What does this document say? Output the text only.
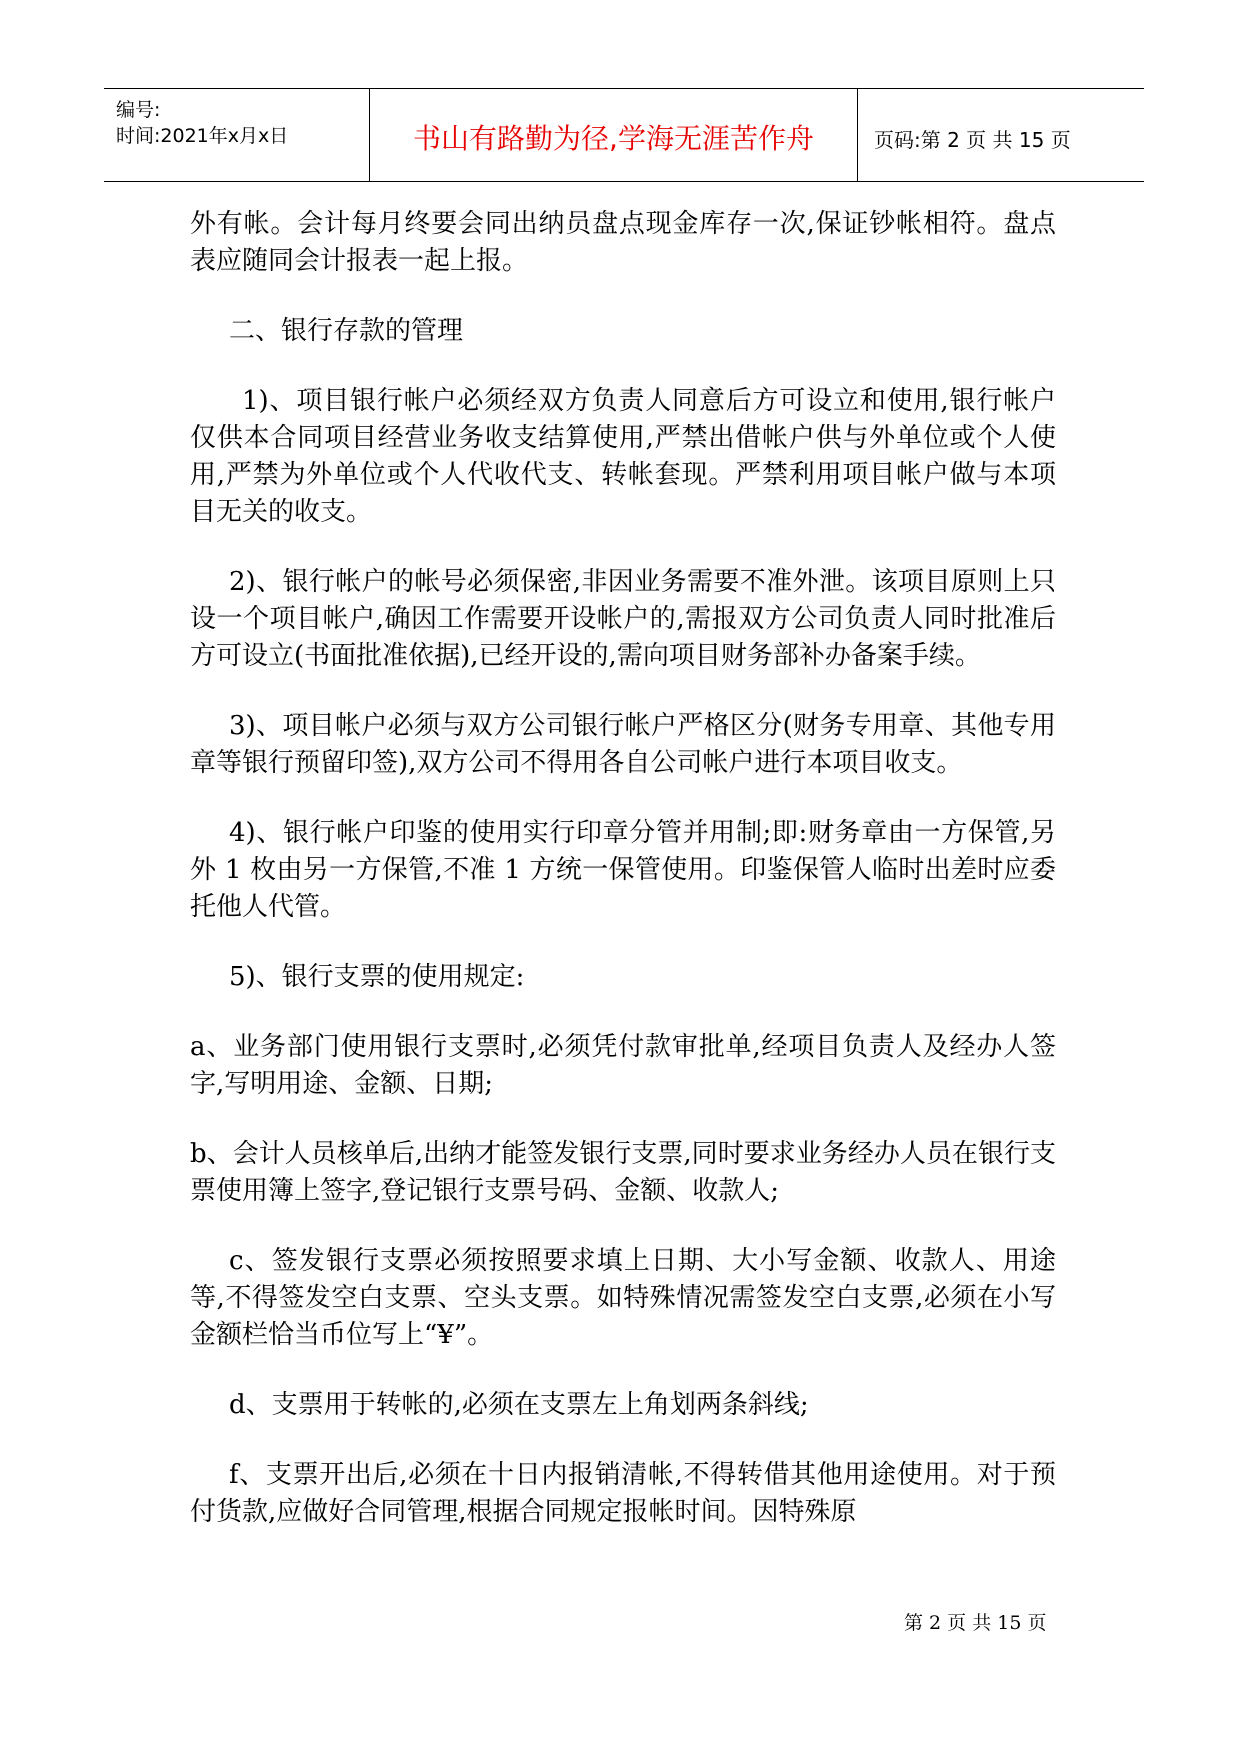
编号:
时间:2021年x月x日	书山有路勤为径,学海无涯苦作舟	页码:第 2 页 共 15 页

外有帐。会计每月终要会同出纳员盘点现金库存一次,保证钞帐相符。盘点表应随同会计报表一起上报。

二、银行存款的管理

1)、项目银行帐户必须经双方负责人同意后方可设立和使用,银行帐户仅供本合同项目经营业务收支结算使用,严禁出借帐户供与外单位或个人使用,严禁为外单位或个人代收代支、转帐套现。严禁利用项目帐户做与本项目无关的收支。

2)、银行帐户的帐号必须保密,非因业务需要不准外泄。该项目原则上只设一个项目帐户,确因工作需要开设帐户的,需报双方公司负责人同时批准后方可设立(书面批准依据),已经开设的,需向项目财务部补办备案手续。

3)、项目帐户必须与双方公司银行帐户严格区分(财务专用章、其他专用章等银行预留印签),双方公司不得用各自公司帐户进行本项目收支。

4)、银行帐户印鉴的使用实行印章分管并用制;即:财务章由一方保管,另外 1 枚由另一方保管,不准 1 方统一保管使用。印鉴保管人临时出差时应委托他人代管。

5)、银行支票的使用规定:

a、业务部门使用银行支票时,必须凭付款审批单,经项目负责人及经办人签字,写明用途、金额、日期;

b、会计人员核单后,出纳才能签发银行支票,同时要求业务经办人员在银行支票使用簿上签字,登记银行支票号码、金额、收款人;

c、签发银行支票必须按照要求填上日期、大小写金额、收款人、用途等,不得签发空白支票、空头支票。如特殊情况需签发空白支票,必须在小写金额栏恰当币位写上“¥”。

d、支票用于转帐的,必须在支票左上角划两条斜线;

f、支票开出后,必须在十日内报销清帐,不得转借其他用途使用。对于预付货款,应做好合同管理,根据合同规定报帐时间。因特殊原

第 2 页 共 15 页
